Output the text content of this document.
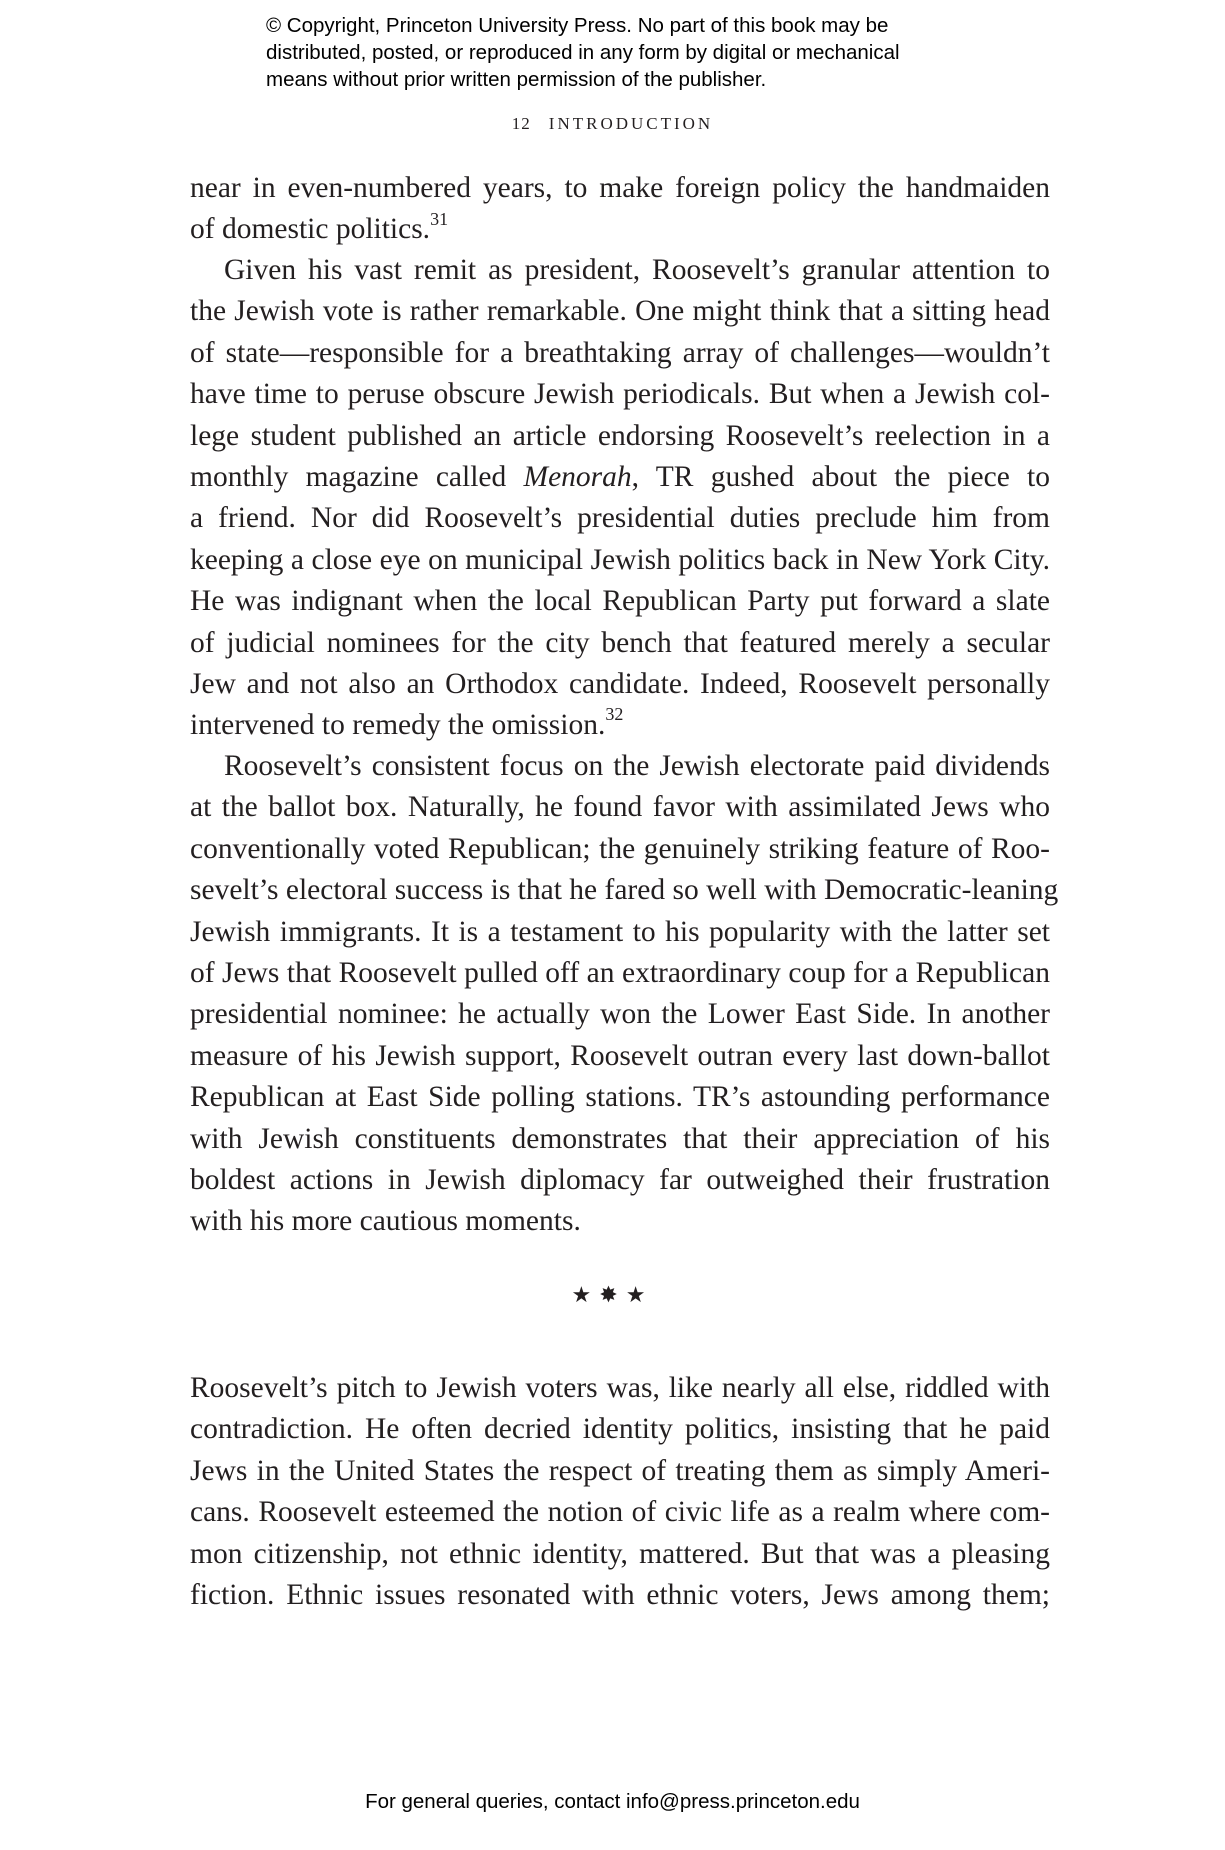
© Copyright, Princeton University Press. No part of this book may be
distributed, posted, or reproduced in any form by digital or mechanical
means without prior written permission of the publisher.
12 INTRODUCTION
near in even-numbered years, to make foreign policy the handmaiden
of domestic politics.$^{31}$
Given his vast remit as president, Roosevelt’s granular attention to
the Jewish vote is rather remarkable. One might think that a sitting head
of state—responsible for a breathtaking array of challenges—wouldn’t
have time to peruse obscure Jewish periodicals. But when a Jewish col-
lege student published an article endorsing Roosevelt’s reelection in a
monthly magazine called Menorah, TR gushed about the piece to
a friend. Nor did Roosevelt’s presidential duties preclude him from
keeping a close eye on municipal Jewish politics back in New York City.
He was indignant when the local Republican Party put forward a slate
of judicial nominees for the city bench that featured merely a secular
Jew and not also an Orthodox candidate. Indeed, Roosevelt personally
intervened to remedy the omission.$^{32}$
Roosevelt’s consistent focus on the Jewish electorate paid dividends
at the ballot box. Naturally, he found favor with assimilated Jews who
conventionally voted Republican; the genuinely striking feature of Roo-
sevelt’s electoral success is that he fared so well with Democratic-leaning
Jewish immigrants. It is a testament to his popularity with the latter set
of Jews that Roosevelt pulled off an extraordinary coup for a Republican
presidential nominee: he actually won the Lower East Side. In another
measure of his Jewish support, Roosevelt outran every last down-ballot
Republican at East Side polling stations. TR’s astounding performance
with Jewish constituents demonstrates that their appreciation of his
boldest actions in Jewish diplomacy far outweighed their frustration
with his more cautious moments.
★✸★
Roosevelt’s pitch to Jewish voters was, like nearly all else, riddled with
contradiction. He often decried identity politics, insisting that he paid
Jews in the United States the respect of treating them as simply Ameri-
cans. Roosevelt esteemed the notion of civic life as a realm where com-
mon citizenship, not ethnic identity, mattered. But that was a pleasing
fiction. Ethnic issues resonated with ethnic voters, Jews among them;
For general queries, contact info@press.princeton.edu
